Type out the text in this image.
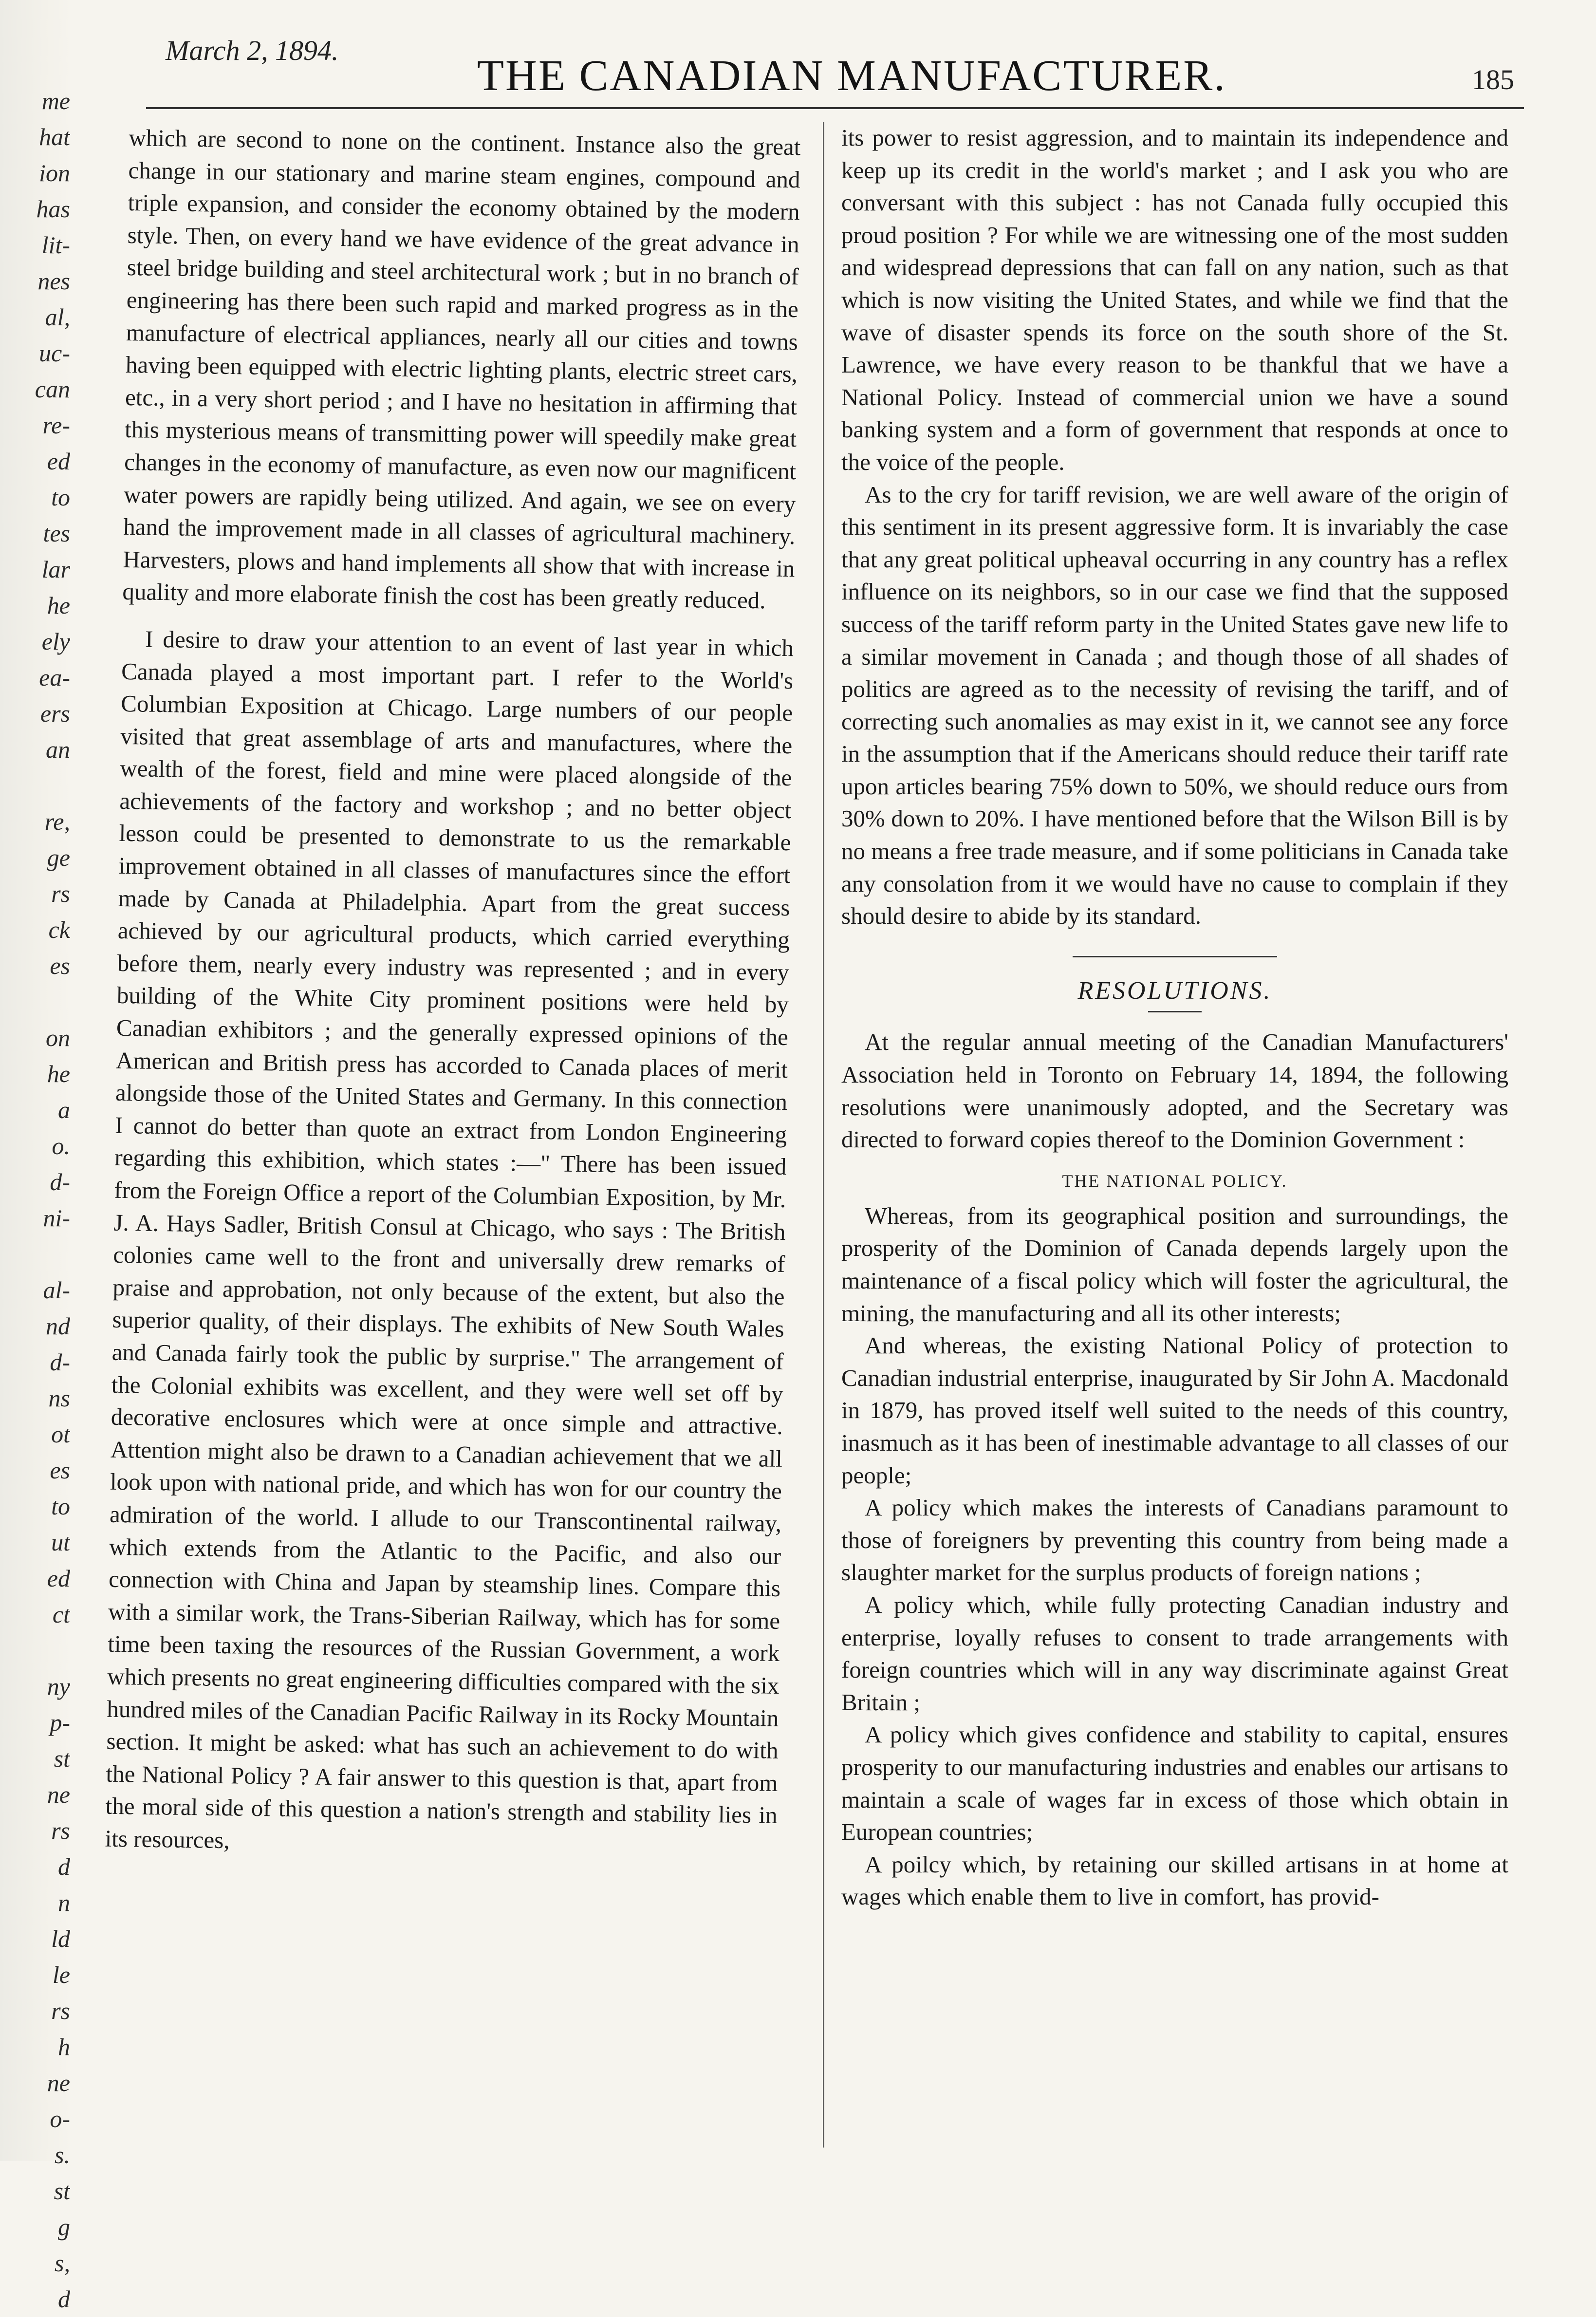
me
hat
ion
has
lit-
nes
al,
uc-
can
re-
ed
to
tes
lar
he
ely
ea-
ers
an
re,
ge
rs
ck
es
on
he
a
o.
d-
ni-
al-
nd
d-
ns
ot
es
to
ut
ed
ct
ny
p-
st
ne
rs
d
n
ld
le
rs
h
ne
o-
s.
st
g
s,
d
March 2, 1894.
THE CANADIAN MANUFACTURER.	185

which are second to none on the continent. Instance also the great change in our stationary and marine steam engines, compound and triple expansion, and consider the economy obtained by the modern style. Then, on every hand we have evidence of the great advance in steel bridge building and steel architectural work ; but in no branch of engineering has there been such rapid and marked progress as in the manufacture of electrical appliances, nearly all our cities and towns having been equipped with electric lighting plants, electric street cars, etc., in a very short period ; and I have no hesitation in affirming that this mysterious means of transmitting power will speedily make great changes in the economy of manufacture, as even now our magnificent water powers are rapidly being utilized. And again, we see on every hand the improvement made in all classes of agricultural machinery. Harvesters, plows and hand implements all show that with increase in quality and more elaborate finish the cost has been greatly reduced.

I desire to draw your attention to an event of last year in which Canada played a most important part. I refer to the World's Columbian Exposition at Chicago. Large numbers of our people visited that great assemblage of arts and manufactures, where the wealth of the forest, field and mine were placed alongside of the achievements of the factory and workshop ; and no better object lesson could be presented to demonstrate to us the remarkable improvement obtained in all classes of manufactures since the effort made by Canada at Philadelphia. Apart from the great success achieved by our agricultural products, which carried everything before them, nearly every industry was represented ; and in every building of the White City prominent positions were held by Canadian exhibitors ; and the generally expressed opinions of the American and British press has accorded to Canada places of merit alongside those of the United States and Germany. In this connection I cannot do better than quote an extract from London Engineering regarding this exhibition, which states :—" There has been issued from the Foreign Office a report of the Columbian Exposition, by Mr. J. A. Hays Sadler, British Consul at Chicago, who says : The British colonies came well to the front and universally drew remarks of praise and approbation, not only because of the extent, but also the superior quality, of their displays. The exhibits of New South Wales and Canada fairly took the public by surprise." The arrangement of the Colonial exhibits was excellent, and they were well set off by decorative enclosures which were at once simple and attractive. Attention might also be drawn to a Canadian achievement that we all look upon with national pride, and which has won for our country the admiration of the world. I allude to our Transcontinental railway, which extends from the Atlantic to the Pacific, and also our connection with China and Japan by steamship lines. Compare this with a similar work, the Trans-Siberian Railway, which has for some time been taxing the resources of the Russian Government, a work which presents no great engineering difficulties compared with the six hundred miles of the Canadian Pacific Railway in its Rocky Mountain section. It might be asked: what has such an achievement to do with the National Policy ? A fair answer to this question is that, apart from the moral side of this question a nation's strength and stability lies in its resources,

its power to resist aggression, and to maintain its independence and keep up its credit in the world's market ; and I ask you who are conversant with this subject : has not Canada fully occupied this proud position ? For while we are witnessing one of the most sudden and widespread depressions that can fall on any nation, such as that which is now visiting the United States, and while we find that the wave of disaster spends its force on the south shore of the St. Lawrence, we have every reason to be thankful that we have a National Policy. Instead of commercial union we have a sound banking system and a form of government that responds at once to the voice of the people.

As to the cry for tariff revision, we are well aware of the origin of this sentiment in its present aggressive form. It is invariably the case that any great political upheaval occurring in any country has a reflex influence on its neighbors, so in our case we find that the supposed success of the tariff reform party in the United States gave new life to a similar movement in Canada ; and though those of all shades of politics are agreed as to the necessity of revising the tariff, and of correcting such anomalies as may exist in it, we cannot see any force in the assumption that if the Americans should reduce their tariff rate upon articles bearing 75% down to 50%, we should reduce ours from 30% down to 20%. I have mentioned before that the Wilson Bill is by no means a free trade measure, and if some politicians in Canada take any consolation from it we would have no cause to complain if they should desire to abide by its standard.

RESOLUTIONS.

At the regular annual meeting of the Canadian Manufacturers' Association held in Toronto on February 14, 1894, the following resolutions were unanimously adopted, and the Secretary was directed to forward copies thereof to the Dominion Government :

THE NATIONAL POLICY.

Whereas, from its geographical position and surroundings, the prosperity of the Dominion of Canada depends largely upon the maintenance of a fiscal policy which will foster the agricultural, the mining, the manufacturing and all its other interests;

And whereas, the existing National Policy of protection to Canadian industrial enterprise, inaugurated by Sir John A. Macdonald in 1879, has proved itself well suited to the needs of this country, inasmuch as it has been of inestimable advantage to all classes of our people;

A policy which makes the interests of Canadians paramount to those of foreigners by preventing this country from being made a slaughter market for the surplus products of foreign nations ;

A policy which, while fully protecting Canadian industry and enterprise, loyally refuses to consent to trade arrangements with foreign countries which will in any way discriminate against Great Britain ;

A policy which gives confidence and stability to capital, ensures prosperity to our manufacturing industries and enables our artisans to maintain a scale of wages far in excess of those which obtain in European countries;

A poilcy which, by retaining our skilled artisans in at home at wages which enable them to live in comfort, has provid-
